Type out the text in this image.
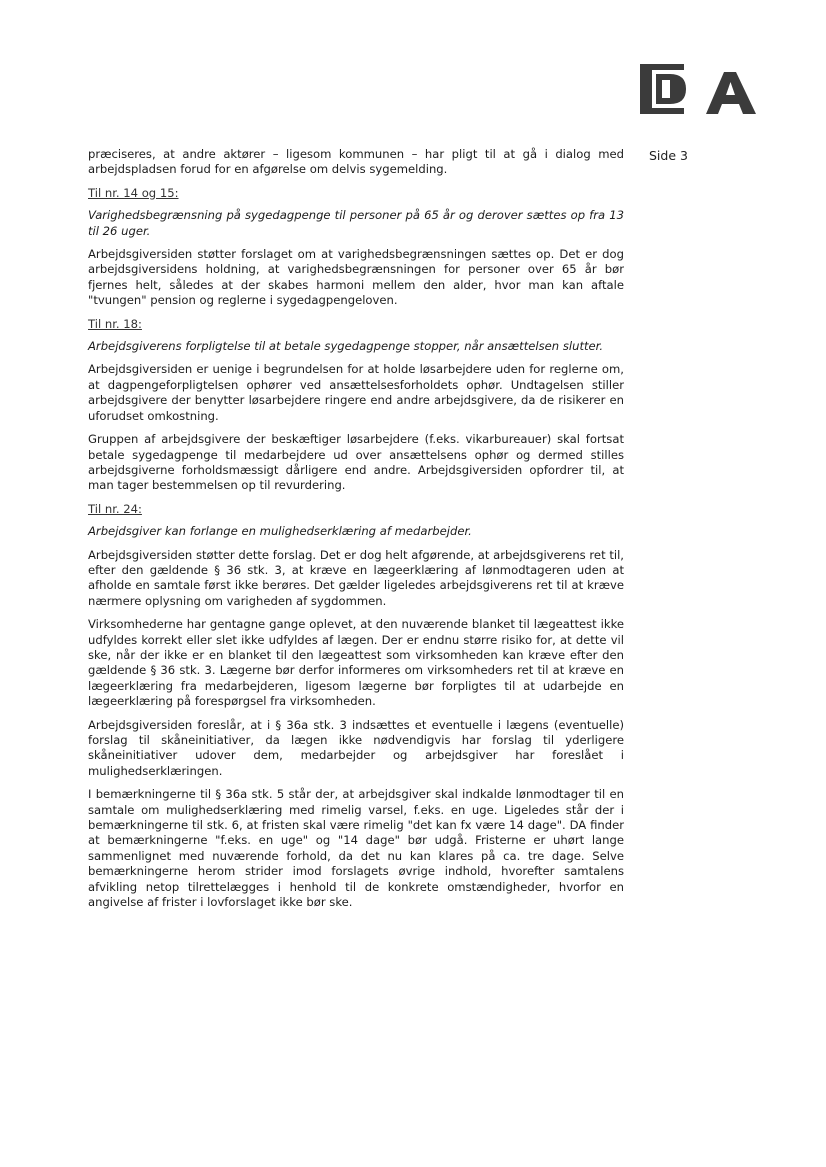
Side 3

præciseres, at andre aktører – ligesom kommunen – har pligt til at gå i dialog med arbejdspladsen forud for en afgørelse om delvis sygemelding.

Til nr. 14 og 15:

Varighedsbegrænsning på sygedagpenge til personer på 65 år og derover sættes op fra 13 til 26 uger.

Arbejdsgiversiden støtter forslaget om at varighedsbegrænsningen sættes op. Det er dog arbejdsgiversidens holdning, at varighedsbegrænsningen for personer over 65 år bør fjernes helt, således at der skabes harmoni mellem den alder, hvor man kan aftale "tvungen" pension og reglerne i sygedagpengeloven.

Til nr. 18:

Arbejdsgiverens forpligtelse til at betale sygedagpenge stopper, når ansættelsen slutter.

Arbejdsgiversiden er uenige i begrundelsen for at holde løsarbejdere uden for reglerne om, at dagpengeforpligtelsen ophører ved ansættelsesforholdets ophør. Undtagelsen stiller arbejdsgivere der benytter løsarbejdere ringere end andre arbejdsgivere, da de risikerer en uforudset omkostning.

Gruppen af arbejdsgivere der beskæftiger løsarbejdere (f.eks. vikarbureauer) skal fortsat betale sygedagpenge til medarbejdere ud over ansættelsens ophør og dermed stilles arbejdsgiverne forholdsmæssigt dårligere end andre. Arbejdsgiversiden opfordrer til, at man tager bestemmelsen op til revurdering.

Til nr. 24:

Arbejdsgiver kan forlange en mulighedserklæring af medarbejder.

Arbejdsgiversiden støtter dette forslag. Det er dog helt afgørende, at arbejdsgiverens ret til, efter den gældende § 36 stk. 3, at kræve en lægeerklæring af lønmodtageren uden at afholde en samtale først ikke berøres. Det gælder ligeledes arbejdsgiverens ret til at kræve nærmere oplysning om varigheden af sygdommen.

Virksomhederne har gentagne gange oplevet, at den nuværende blanket til lægeattest ikke udfyldes korrekt eller slet ikke udfyldes af lægen. Der er endnu større risiko for, at dette vil ske, når der ikke er en blanket til den lægeattest som virksomheden kan kræve efter den gældende § 36 stk. 3. Lægerne bør derfor informeres om virksomheders ret til at kræve en lægeerklæring fra medarbejderen, ligesom lægerne bør forpligtes til at udarbejde en lægeerklæring på forespørgsel fra virksomheden.

Arbejdsgiversiden foreslår, at i § 36a stk. 3 indsættes et eventuelle i lægens (eventuelle) forslag til skåneinitiativer, da lægen ikke nødvendigvis har forslag til yderligere skåneinitiativer udover dem, medarbejder og arbejdsgiver har foreslået i mulighedserklæringen.

I bemærkningerne til § 36a stk. 5 står der, at arbejdsgiver skal indkalde lønmodtager til en samtale om mulighedserklæring med rimelig varsel, f.eks. en uge. Ligeledes står der i bemærkningerne til stk. 6, at fristen skal være rimelig "det kan fx være 14 dage". DA finder at bemærkningerne "f.eks. en uge" og "14 dage" bør udgå. Fristerne er uhørt lange sammenlignet med nuværende forhold, da det nu kan klares på ca. tre dage. Selve bemærkningerne herom strider imod forslagets øvrige indhold, hvorefter samtalens afvikling netop tilrettelægges i henhold til de konkrete omstændigheder, hvorfor en angivelse af frister i lovforslaget ikke bør ske.
